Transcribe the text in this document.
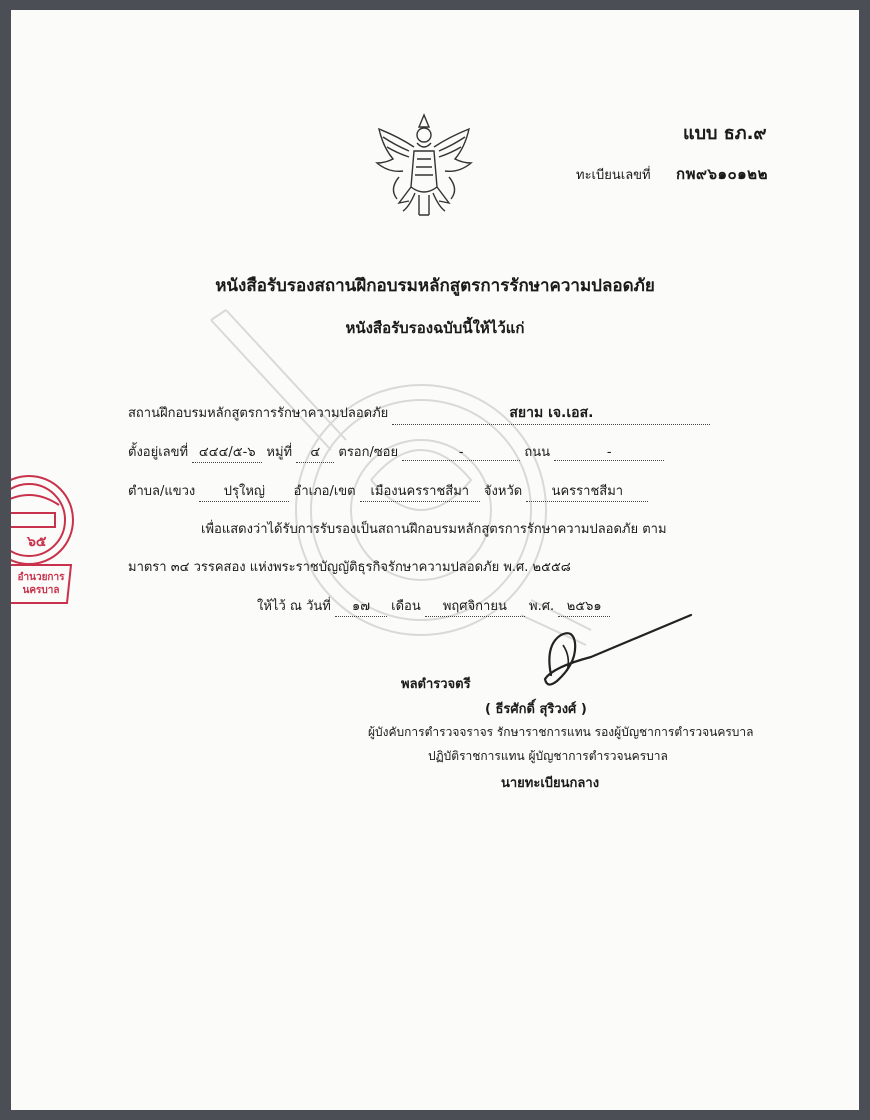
แบบ ธภ.๙
ทะเบียนเลขที่ กพ๙๖๑๐๑๒๒
หนังสือรับรองสถานฝึกอบรมหลักสูตรการรักษาความปลอดภัย
หนังสือรับรองฉบับนี้ให้ไว้แก่
สถานฝึกอบรมหลักสูตรการรักษาความปลอดภัย	สยาม เจ.เอส.
ตั้งอยู่เลขที่ ๔๔๔/๕-๖ หมู่ที่ ๔ ตรอก/ซอย	-	ถนน	-
ตำบล/แขวง ปรุใหญ่ อำเภอ/เขต เมืองนครราชสีมา จังหวัด นครราชสีมา
เพื่อแสดงว่าได้รับการรับรองเป็นสถานฝึกอบรมหลักสูตรการรักษาความปลอดภัย ตาม
มาตรา ๓๔ วรรคสอง แห่งพระราชบัญญัติธุรกิจรักษาความปลอดภัย พ.ศ. ๒๕๕๘
ให้ไว้ ณ วันที่ ๑๗ เดือน พฤศจิกายน พ.ศ. ๒๕๖๑
พลตำรวจตรี
( ธีรศักดิ์ สุริวงศ์ )
ผู้บังคับการตำรวจจราจร รักษาราชการแทน รองผู้บัญชาการตำรวจนครบาล
ปฏิบัติราชการแทน ผู้บัญชาการตำรวจนครบาล
นายทะเบียนกลาง
๖๕
อำนวยการ นครบาล
